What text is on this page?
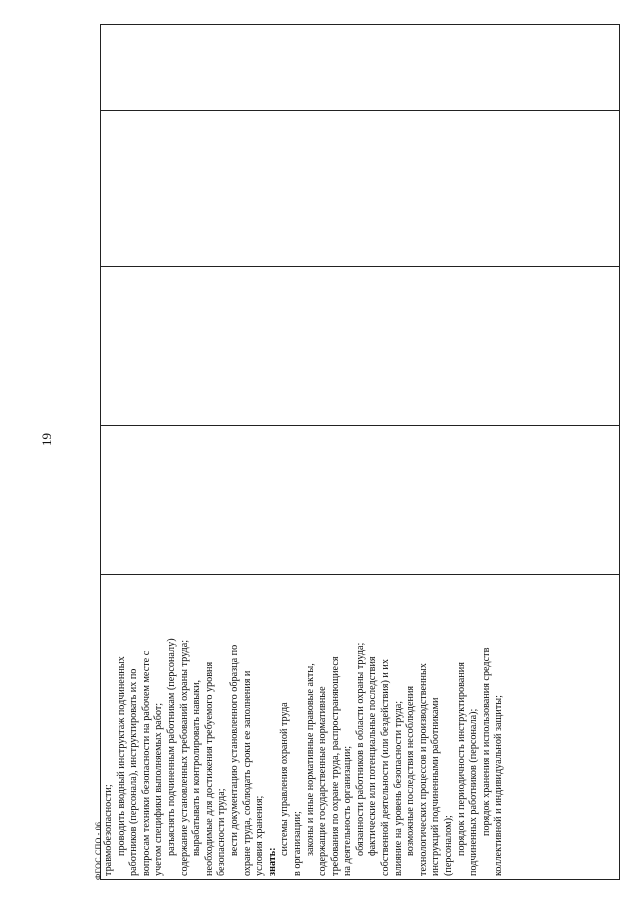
19
травмобезопасности; проводить вводный инструктаж подчиненных работников (персонала), инструктировать их по вопросам техники безопасности на рабочем месте с учетом специфики выполняемых работ; разъяснять подчиненным работникам (персоналу) содержание установленных требований охраны труда; вырабатывать и контролировать навыки, необходимые для достижения требуемого уровня безопасности труда; вести документацию установленного образца по охране труда, соблюдать сроки ее заполнения и условия хранения; знать:
системы управления охраной труда в организации; законы и иные нормативные правовые акты, содержащие государственные нормативные требования по охране труда, распространяющиеся на деятельность организации; обязанности работников в области охраны труда; фактические или потенциальные последствия собственной деятельности (или бездействия) и их влияние на уровень безопасности труда; возможные последствия несоблюдения технологических процессов и производственных инструкций подчиненными работниками (персоналом); порядок и периодичность инструктирования подчиненных работников (персонала); порядок хранения и использования средств коллективной и индивидуальной защиты;

ФГОС СПО - 06
